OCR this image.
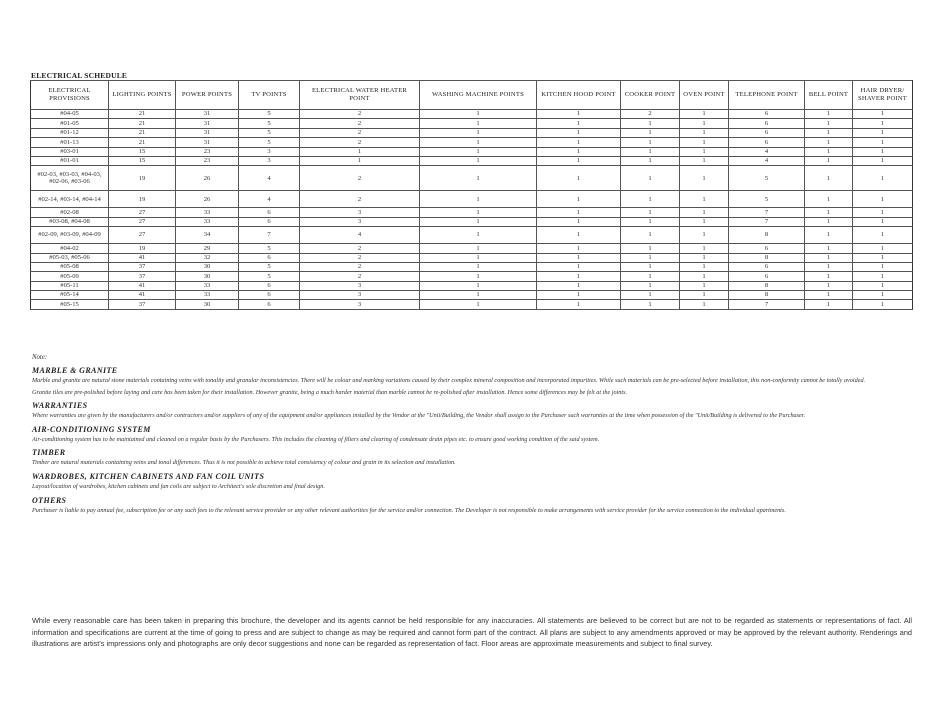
ELECTRICAL SCHEDULE
ELECTRICAL PROVISIONS	LIGHTING POINTS	POWER POINTS	TV POINTS	ELECTRICAL WATER HEATER POINT	WASHING MACHINE POINTS	KITCHEN HOOD POINT	COOKER POINT	OVEN POINT	TELEPHONE POINT	BELL POINT	HAIR DRYER/ SHAVER POINT
#04-05	21	31	5	2	1	1	2	1	6	1	1
#01-05	21	31	5	2	1	1	1	1	6	1	1
#01-12	21	31	5	2	1	1	1	1	6	1	1
#01-13	21	31	5	2	1	1	1	1	6	1	1
#03-01	15	23	3	1	1	1	1	1	4	1	1
#01-01	15	23	3	1	1	1	1	1	4	1	1
#02-03, #03-03, #04-03, #02-06, #03-06	19	26	4	2	1	1	1	1	5	1	1
#02-14, #03-14, #04-14	19	26	4	2	1	1	1	1	5	1	1
#02-08	27	33	6	3	1	1	1	1	7	1	1
#03-08, #04-08	27	33	6	3	1	1	1	1	7	1	1
#02-09, #03-09, #04-09	27	34	7	4	1	1	1	1	8	1	1
#04-02	19	29	5	2	1	1	1	1	6	1	1
#05-03, #05-06	41	32	6	2	1	1	1	1	8	1	1
#05-08	37	30	5	2	1	1	1	1	6	1	1
#05-09	37	30	5	2	1	1	1	1	6	1	1
#05-11	41	33	6	3	1	1	1	1	8	1	1
#05-14	41	33	6	3	1	1	1	1	8	1	1
#05-15	37	30	6	3	1	1	1	1	7	1	1
Note:
MARBLE & GRANITE

Marble and granite are natural stone materials containing veins with tonality and granular inconsistencies. There will be colour and marking variations caused by their complex mineral composition and incorporated impurities. While such materials can be pre-selected before installation, this non-conformity cannot be totally avoided.

Granite tiles are pre-polished before laying and care has been taken for their installation. However granite, being a much harder material than marble cannot be re-polished after installation. Hence some differences may be felt at the joints.

WARRANTIES

Where warranties are given by the manufacturers and/or contractors and/or suppliers of any of the equipment and/or appliances installed by the Vendor at the "Unit/Building, the Vendor shall assign to the Purchaser such warranties at the time when possession of the "Unit/Building is delivered to the Purchaser.

AIR-CONDITIONING SYSTEM

Air-conditioning system has to be maintained and cleaned on a regular basis by the Purchasers. This includes the cleaning of filters and clearing of condensate drain pipes etc. to ensure good working condition of the said system.

TIMBER

Timber are natural materials containing veins and tonal differences. Thus it is not possible to achieve total consistency of colour and grain in its selection and installation.

WARDROBES, KITCHEN CABINETS AND FAN COIL UNITS

Layout/location of wardrobes, kitchen cabinets and fan coils are subject to Architect's sole discretion and final design.

OTHERS

Purchaser is liable to pay annual fee, subscription fee or any such fees to the relevant service provider or any other relevant authorities for the service and/or connection. The Developer is not responsible to make arrangements with service provider for the service connection to the individual apartments.

While every reasonable care has been taken in preparing this brochure, the developer and its agents cannot be held responsible for any inaccuracies. All statements are believed to be correct but are not to be regarded as statements or representations of fact. All information and specifications are current at the time of going to press and are subject to change as may be required and cannot form part of the contract. All plans are subject to any amendments approved or may be approved by the relevant authority. Renderings and illustrations are artist's impressions only and photographs are only decor suggestions and none can be regarded as representation of fact. Floor areas are approximate measurements and subject to final survey.
